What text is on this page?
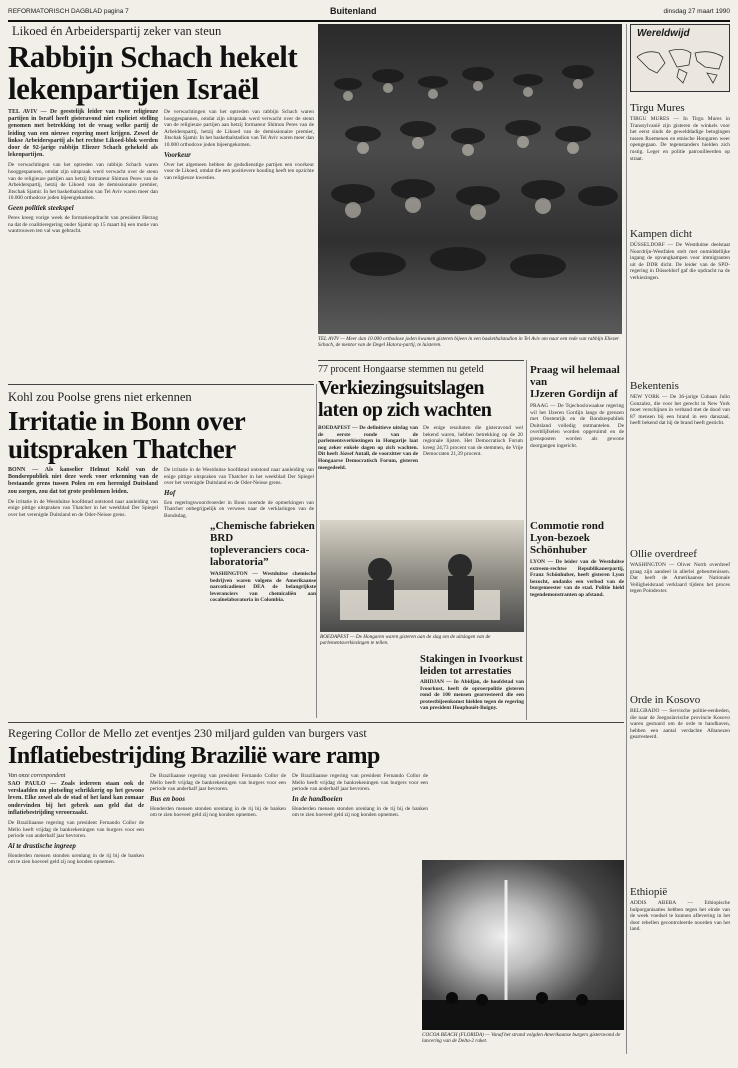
REFORMATORISCH DAGBLAD pagina 7	Buitenland	dinsdag 27 maart 1990
Likoed én Arbeiderspartij zeker van steun
Rabbijn Schach hekelt
lekenpartijen Israël
TEL AVIV — De geestelijk leider van twee religieuze partijen in Israël heeft gisteravond niet expliciet stelling genomen met betrekking tot de vraag welke partij de leiding van een nieuwe regering moet krijgen. Zowel de linkse Arbeiderspartij als het rechtse Likoed-blok werden door de 92-jarige rabbijn Eliezer Schach gehekeld als lekenpartijen.
De verwachtingen van het optreden van rabbijn Schach waren hooggespannen, omdat zijn uitspraak werd verwacht over de steun van de religieuze partijen aan hetzij formateur Shimon Peres van de Arbeiderspartij, hetzij de Likoed van de demissionaire premier, Jitschak Sjamir. In het basketbalstadion van Tel Aviv waren meer dan 10.000 orthodoxe joden bijeengekomen.
Geen politiek steekspel
Peres kreeg vorige week de formatieopdracht van president Herzog na dat de coalitieregering onder Sjamir op 15 maart bij een motie van wantrouwen ten val was gebracht.
De verwachtingen van het optreden van rabbijn Schach waren hooggespannen, omdat zijn uitspraak werd verwacht over de steun van de religieuze partijen aan hetzij formateur Shimon Peres van de Arbeiderspartij, hetzij de Likoed van de demissionaire premier, Jitschak Sjamir. In het basketbalstadion van Tel Aviv waren meer dan 10.000 orthodoxe joden bijeengekomen.
Voorkeur
Over het algemeen hebben de godsdienstige partijen een voorkeur voor de Likoed, omdat die een positievere houding heeft ten opzichte van religieuze kwesties.
TEL AVIV — Meer dan 10.000 orthodoxe joden kwamen gisteren bijeen in een basketbalstadion in Tel Aviv om naar een rede van rabbijn Eliezer Schach, de mentor van de Degel Hatora-partij, te luisteren.
Wereldwijd
Tirgu Mures
TIRGU MURES — In Tirgu Mures in Transsylvanië zijn gisteren de winkels voor het eerst sinds de gewelddadige betogingen tussen Roemenen en etnische Hongaren weer opengegaan. De tegenstanders hielden zich rustig. Leger en politie patrouilleerden op straat.
Kampen dicht
DÜSSELDORF — De Westduitse deelstaat Noordrijn-Westfalen stelt met onmiddellijke ingang de opvangkampen voor immigranten uit de DDR dicht. De leider van de SPD-regering in Düsseldorf gaf die opdracht na de verkiezingen.
Bekentenis
NEW YORK — De 36-jarige Cubaan Julio Gonzalez, die voor het gerecht in New York moet verschijnen in verband met de dood van 87 mensen bij een brand in een danszaal, heeft bekend dat hij de brand heeft gesticht.
Ollie overdreef
WASHINGTON — Oliver North overdreef graag zijn aandeel in allerlei gebeurtenissen. Dat heeft de Amerikaanse Nationale Veiligheidsraad verklaard tijdens het proces tegen Poindexter.
Orde in Kosovo
BELGRADO — Servische politie-eenheden, die naar de Joegoslavische provincie Kosovo waren gestuurd om de orde te handhaven, hebben een aantal verdachte Albanezen gearresteerd.
Ethiopië
ADDIS ABEBA — Ethiopische hulporganisaties hebben tegen het einde van de week voedsel te kunnen aflevering in het door rebellen gecontroleerde noorden van het land.
Kohl zou Poolse grens niet erkennen
Irritatie in Bonn over
uitspraken Thatcher
BONN — Als kanselier Helmut Kohl van de Bondsrepubliek niet deze week voor erkenning van de bestaande grens tussen Polen en een herenigd Duitsland zou zorgen, zou dat tot grote problemen leiden.
De irritatie in de Westduitse hoofdstad ontstond naar aanleiding van enige pittige uitspraken van Thatcher in het weekblad Der Spiegel over het verenigde Duitsland en de Oder-Neisse grens.
De irritatie in de Westduitse hoofdstad ontstond naar aanleiding van enige pittige uitspraken van Thatcher in het weekblad Der Spiegel over het verenigde Duitsland en de Oder-Neisse grens.
Hof
Een regeringswoordvoerder in Bonn noemde de opmerkingen van Thatcher onbegrijpelijk en verwees naar de verklaringen van de Bondsdag.
77 procent Hongaarse stemmen nu geteld
Verkiezingsuitslagen
laten op zich wachten
BOEDAPEST — De definitieve uitslag van de eerste ronde van de parlementsverkiezingen in Hongarije laat nog zeker enkele dagen op zich wachten. Dit heeft József Antall, de voorzitter van de Hongaarse Democratisch Forum, gisteren meegedeeld.
De enige resultaten die gisteravond wel bekend waren, hebben betrekking op de 20 regionale lijsten. Het Democratisch Forum kreeg 24,73 procent van de stemmen, de Vrije Democraten 21,39 procent.
Praag wil helemaal van
IJzeren Gordijn af
PRAAG — De Tsjechoslowaakse regering wil het IJzeren Gordijn langs de grenzen met Oostenrijk en de Bondsrepubliek Duitsland volledig ontmantelen. De overblijfselen worden opgeruimd en de grensposten worden als gewone doorgangen ingericht.
Commotie rond Lyon-bezoek Schönhuber
LYON — De leider van de Westduitse extreem-rechtse Republikanerpartij, Franz Schönhuber, heeft gisteren Lyon bezocht, ondanks een verbod van de burgemeester van de stad. Politie hield tegendemonstranten op afstand.
„Chemische fabrieken BRD
toplevеranciers coca-laboratoria”
WASHINGTON — Westduitse chemische bedrijven waren volgens de Amerikaanse narcoticadienst DEA de belangrijkste leveranciers van chemicaliën aan cocaïnelaboratoria in Colombia.
BOEDAPEST — De Hongaren waren gisteren aan de slag om de uitslagen van de parlementsverkiezingen te tellen.
Stakingen in Ivoorkust leiden tot arrestaties
ABIDJAN — In Abidjan, de hoofdstad van Ivoorkust, heeft de oproerpolitie gisteren rond de 100 mensen gearresteerd die een protestbijeenkomst hielden tegen de regering van president Houphouët-Boigny.
Regering Collor de Mello zet eventjes 230 miljard gulden van burgers vast
Inflatiebestrijding Brazilië ware ramp
Van onze correspondent
SAO PAULO — Zoals iedereen staan ook de verslaafden nu plotseling schrikkerig op het gewone leven. Elke zowel als de stad of het land kan zomaar ondervinden bij het gebrek aan geld dat de inflatiebestrijding veroorzaakt.
De Braziliaanse regering van president Fernando Collor de Mello heeft vrijdag de bankrekeningen van burgers voor een periode van anderhalf jaar bevroren.
Al te drastische ingreep
Honderden mensen stonden urenlang in de rij bij de banken om te zien hoeveel geld zij nog konden opnemen.
De Braziliaanse regering van president Fernando Collor de Mello heeft vrijdag de bankrekeningen van burgers voor een periode van anderhalf jaar bevroren.
Bus en boos
Honderden mensen stonden urenlang in de rij bij de banken om te zien hoeveel geld zij nog konden opnemen.
De Braziliaanse regering van president Fernando Collor de Mello heeft vrijdag de bankrekeningen van burgers voor een periode van anderhalf jaar bevroren.
In de handboeien
Honderden mensen stonden urenlang in de rij bij de banken om te zien hoeveel geld zij nog konden opnemen.
COCOA BEACH (FLORIDA) — Vanaf het strand volgden Amerikaanse burgers gisteravond de lancering van de Delta-2 raket.
